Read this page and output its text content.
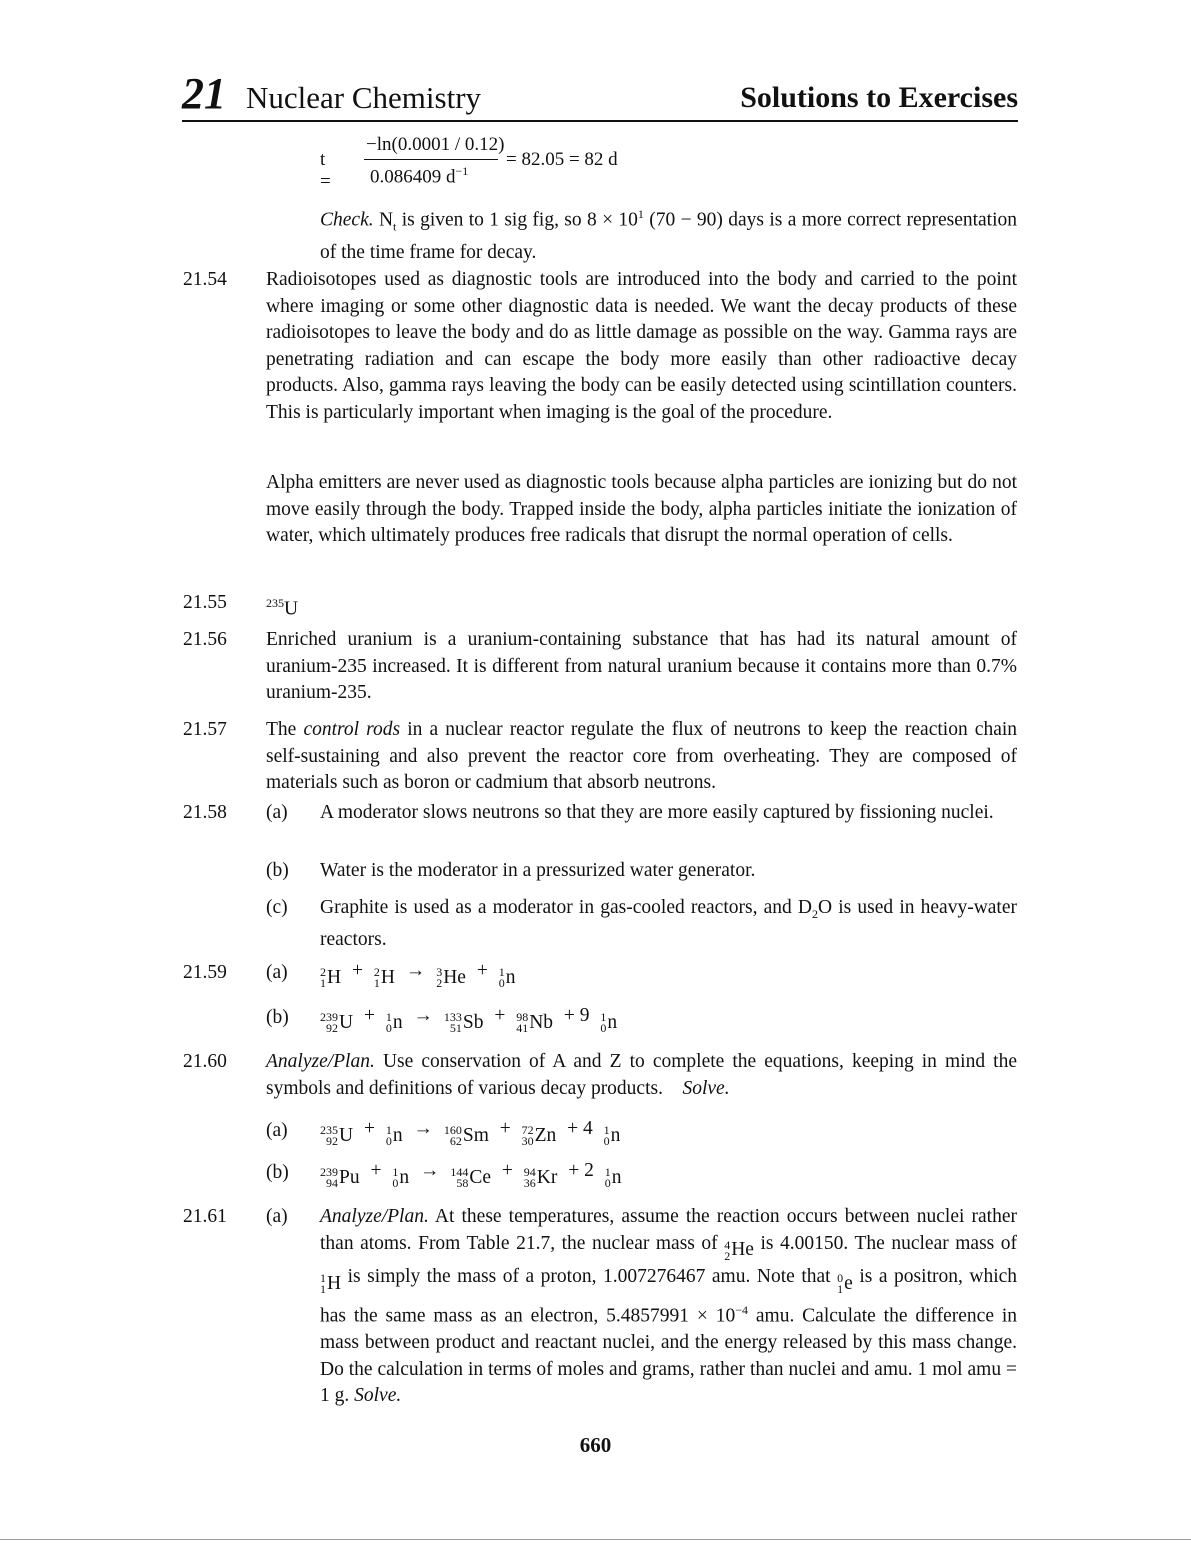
21 Nuclear Chemistry	Solutions to Exercises
t =
−ln(0.0001 / 0.12)
0.086409 $d^{-1}$
= 82.05 = 82 d
Check. $N_t$ is given to 1 sig fig, so $8 \times 10^1$ (70 − 90) days is a more correct representation of the time frame for decay.
21.54 Radioisotopes used as diagnostic tools are introduced into the body and carried to the point where imaging or some other diagnostic data is needed. We want the decay products of these radioisotopes to leave the body and do as little damage as possible on the way. Gamma rays are penetrating radiation and can escape the body more easily than other radioactive decay products. Also, gamma rays leaving the body can be easily detected using scintillation counters. This is particularly important when imaging is the goal of the procedure.
Alpha emitters are never used as diagnostic tools because alpha particles are ionizing but do not move easily through the body. Trapped inside the body, alpha particles initiate the ionization of water, which ultimately produces free radicals that disrupt the normal operation of cells.
21.55	$^{235}$U
21.56 Enriched uranium is a uranium-containing substance that has had its natural amount of uranium-235 increased. It is different from natural uranium because it contains more than 0.7% uranium-235.
21.57 The control rods in a nuclear reactor regulate the flux of neutrons to keep the reaction chain self-sustaining and also prevent the reactor core from overheating. They are composed of materials such as boron or cadmium that absorb neutrons.
21.58 (a) A moderator slows neutrons so that they are more easily captured by fissioning nuclei.
(b) Water is the moderator in a pressurized water generator.
(c) Graphite is used as a moderator in gas-cooled reactors, and $D_2O$ is used in heavy-water reactors.
21.59 (a)	2
1 H + 2
1 H → 3
2 He + 1
0 n
(b)	239
92 U + 1
0 n → 133
51 Sb + 98
41 Nb + 9 1
0 n
21.60 Analyze/Plan. Use conservation of A and Z to complete the equations, keeping in mind the symbols and definitions of various decay products. Solve.
(a)	235
92 U + 1
0 n → 160
62 Sm + 72
30 Zn + 4 1
0 n
(b)	239
94 Pu + 1
0 n → 144
58 Ce + 94
36 Kr + 2 1
0 n
21.61 (a) Analyze/Plan. At these temperatures, assume the reaction occurs between nuclei rather than atoms. From Table 21.7, the nuclear mass of 4
2 He is 4.00150. The nuclear mass of
1
1 H is simply the mass of a proton, 1.007276467 amu. Note that 0
1 e is a positron, which has the same mass as an electron, $5.4857991 \times 10^{-4}$ amu. Calculate the difference in mass between product and reactant nuclei, and the energy released by this mass change. Do the calculation in terms of moles and grams, rather than nuclei and amu. 1 mol amu = 1 g. Solve.
660
